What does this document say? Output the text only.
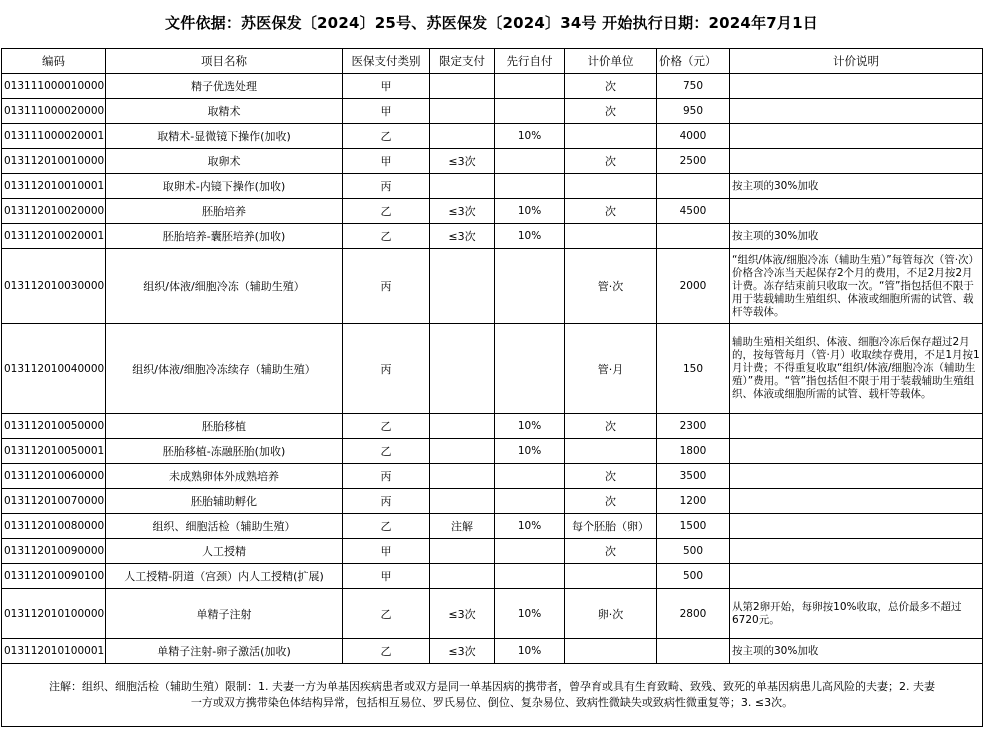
文件依据：苏医保发〔2024〕25号、苏医保发〔2024〕34号 开始执行日期：2024年7月1日
编码	项目名称	医保支付类别	限定支付	先行自付	计价单位	价格（元）	计价说明
013111000010000	精子优选处理	甲			次	750	
013111000020000	取精术	甲			次	950	
013111000020001	取精术-显微镜下操作(加收)	乙		10%		4000	
013112010010000	取卵术	甲	≤3次		次	2500	
013112010010001	取卵术-内镜下操作(加收)	丙					按主项的30%加收
013112010020000	胚胎培养	乙	≤3次	10%	次	4500	
013112010020001	胚胎培养-囊胚培养(加收)	乙	≤3次	10%			按主项的30%加收
013112010030000	组织/体液/细胞冷冻（辅助生殖）	丙			管·次	2000	“组织/体液/细胞冷冻（辅助生殖）”每管每次（管·次）价格含冷冻当天起保存2个月的费用，不足2月按2月计费。冻存结束前只收取一次。“管”指包括但不限于用于装载辅助生殖组织、体液或细胞所需的试管、载杆等载体。
013112010040000	组织/体液/细胞冷冻续存（辅助生殖）	丙			管·月	150	辅助生殖相关组织、体液、细胞冷冻后保存超过2月的，按每管每月（管·月）收取续存费用，不足1月按1月计费；不得重复收取“组织/体液/细胞冷冻（辅助生殖）”费用。“管”指包括但不限于用于装载辅助生殖组织、体液或细胞所需的试管、载杆等载体。
013112010050000	胚胎移植	乙		10%	次	2300	
013112010050001	胚胎移植-冻融胚胎(加收)	乙		10%		1800	
013112010060000	未成熟卵体外成熟培养	丙			次	3500	
013112010070000	胚胎辅助孵化	丙			次	1200	
013112010080000	组织、细胞活检（辅助生殖）	乙	注解	10%	每个胚胎（卵）	1500	
013112010090000	人工授精	甲			次	500	
013112010090100	人工授精-阴道（宫颈）内人工授精(扩展)	甲				500	
013112010100000	单精子注射	乙	≤3次	10%	卵·次	2800	从第2卵开始，每卵按10%收取，总价最多不超过6720元。
013112010100001	单精子注射-卵子激活(加收)	乙	≤3次	10%			按主项的30%加收

注解：组织、细胞活检（辅助生殖）限制：1. 夫妻一方为单基因疾病患者或双方是同一单基因病的携带者，曾孕育或具有生育致畸、致残、致死的单基因病患儿高风险的夫妻；2. 夫妻
一方或双方携带染色体结构异常，包括相互易位、罗氏易位、倒位、复杂易位、致病性微缺失或致病性微重复等；3. ≤3次。							
